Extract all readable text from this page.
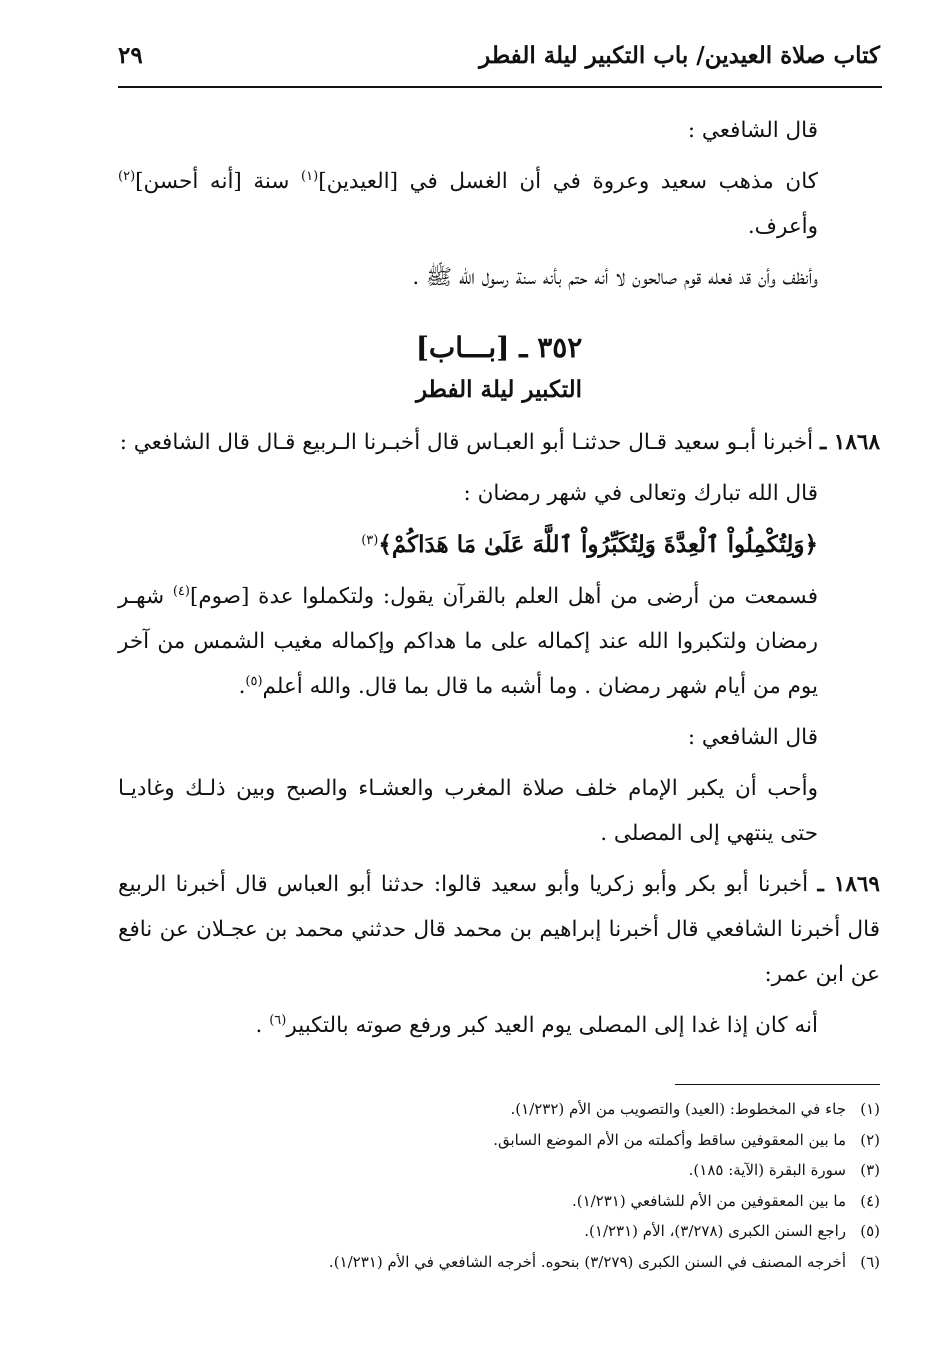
كتاب صلاة العيدين/ باب التكبير ليلة الفطر
٢٩

قال الشافعي :

كان مذهب سعيد وعروة في أن الغسل في [العيدين]$^{(١)}$ سنة [أنه أحسن]$^{(٢)}$ وأعرف.

وأنظف وأن قد فعله قوم صالحون لا أنه حتم بأنه سنة رسول الله ﷺ .

٣٥٢ ـ [بـــاب]
التكبير ليلة الفطر

١٨٦٨ ـ أخبرنا أبـو سعيد قـال حدثنـا أبو العبـاس قال أخبـرنا الـربيع قـال قال الشافعي :

قال الله تبارك وتعالى في شهر رمضان :

﴿وَلِتُكْمِلُواْ ٱلْعِدَّةَ وَلِتُكَبِّرُواْ ٱللَّهَ عَلَىٰ مَا هَدَاكُمْ﴾$^{(٣)}$

فسمعت من أرضى من أهل العلم بالقرآن يقول: ولتكملوا عدة [صوم]$^{(٤)}$ شهـر رمضان ولتكبروا الله عند إكماله على ما هداكم وإكماله مغيب الشمس من آخر يوم من أيام شهر رمضان . وما أشبه ما قال بما قال. والله أعلم$^{(٥)}$.

قال الشافعي :

وأحب أن يكبر الإمام خلف صلاة المغرب والعشـاء والصبح وبين ذلـك وغاديـا حتى ينتهي إلى المصلى .

١٨٦٩ ـ أخبرنا أبو بكر وأبو زكريا وأبو سعيد قالوا: حدثنا أبو العباس قال أخبرنا الربيع قال أخبرنا الشافعي قال أخبرنا إبراهيم بن محمد قال حدثني محمد بن عجـلان عن نافع عن ابن عمر:

أنه كان إذا غدا إلى المصلى يوم العيد كبر ورفع صوته بالتكبير$^{(٦)}$ .

(١)جاء في المخطوط: (العيد) والتصويب من الأم (١/٢٣٢).
(٢)ما بين المعقوفين ساقط وأكملته من الأم الموضع السابق.
(٣)سورة البقرة (الآية: ١٨٥).
(٤)ما بين المعقوفين من الأم للشافعي (١/٢٣١).
(٥)راجع السنن الكبرى (٣/٢٧٨)، الأم (١/٢٣١).
(٦)أخرجه المصنف في السنن الكبرى (٣/٢٧٩) بنحوه. أخرجه الشافعي في الأم (١/٢٣١).
